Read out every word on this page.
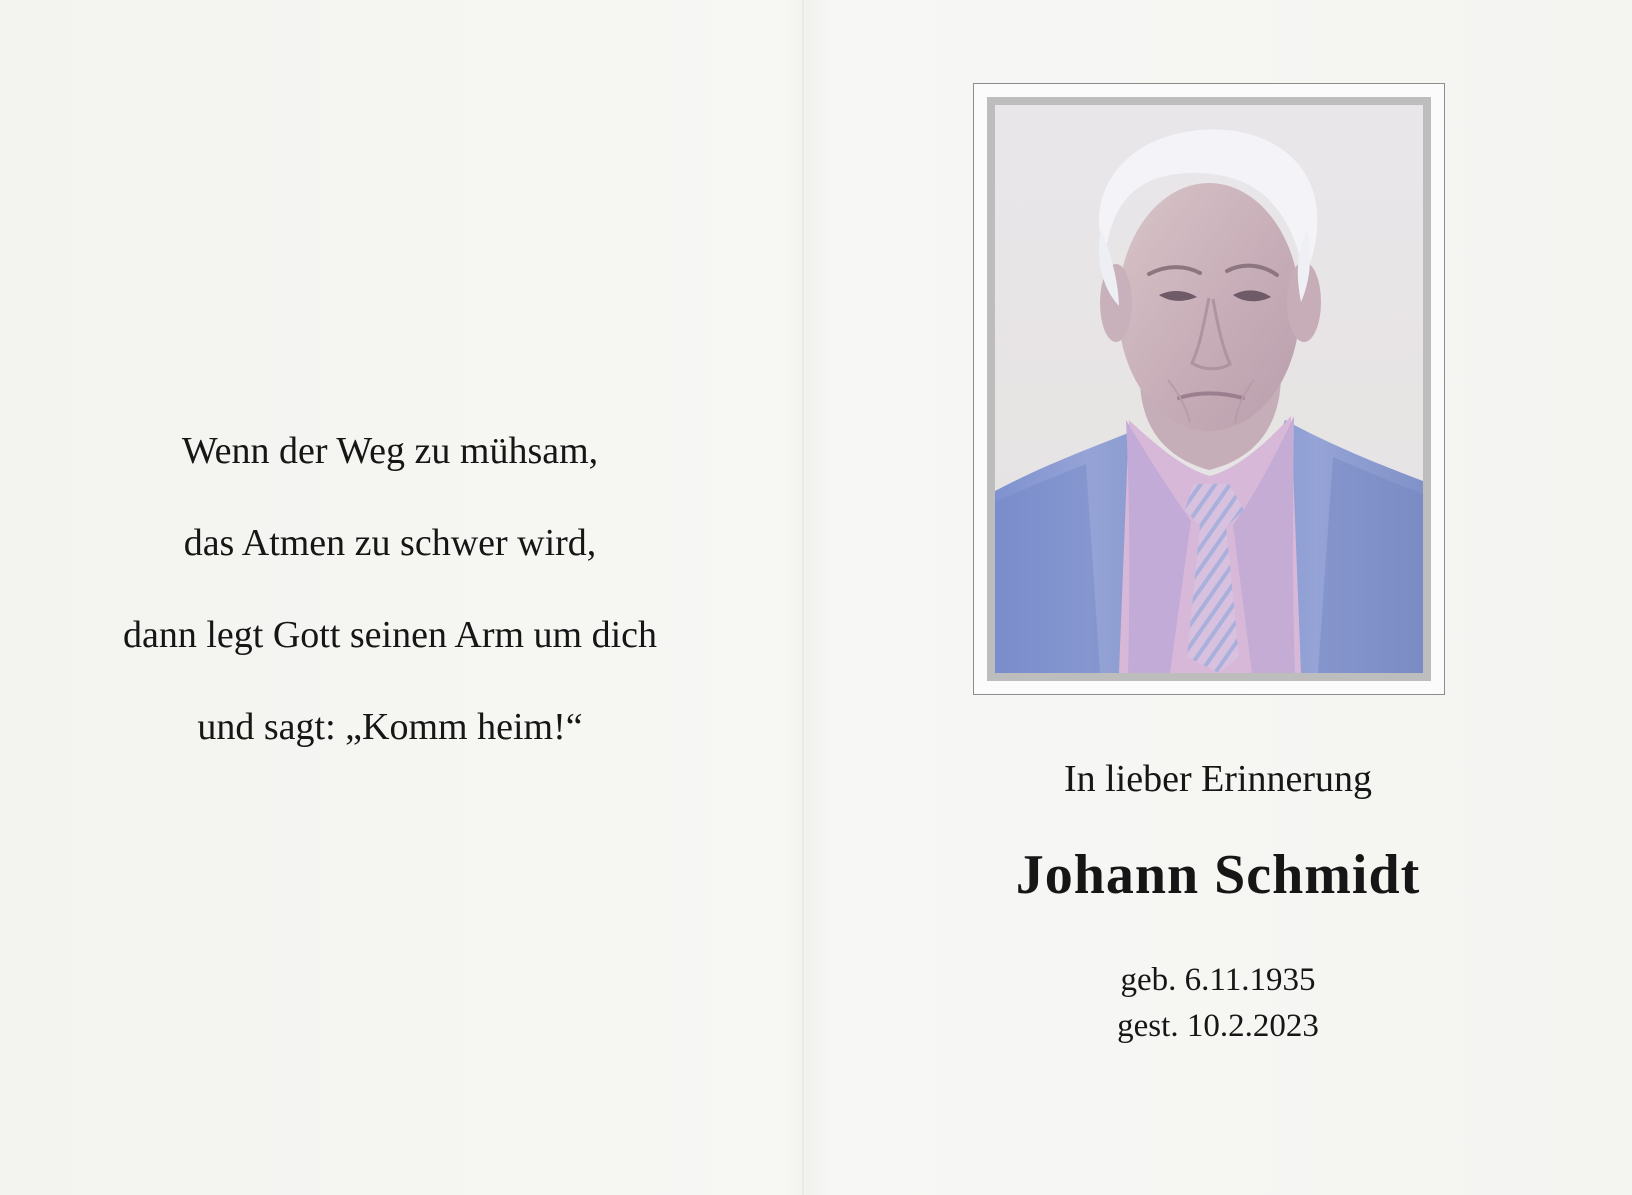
Wenn der Weg zu mühsam,
das Atmen zu schwer wird,
dann legt Gott seinen Arm um dich
und sagt: „Komm heim!“
In lieber Erinnerung
Johann Schmidt
geb. 6.11.1935
gest. 10.2.2023
